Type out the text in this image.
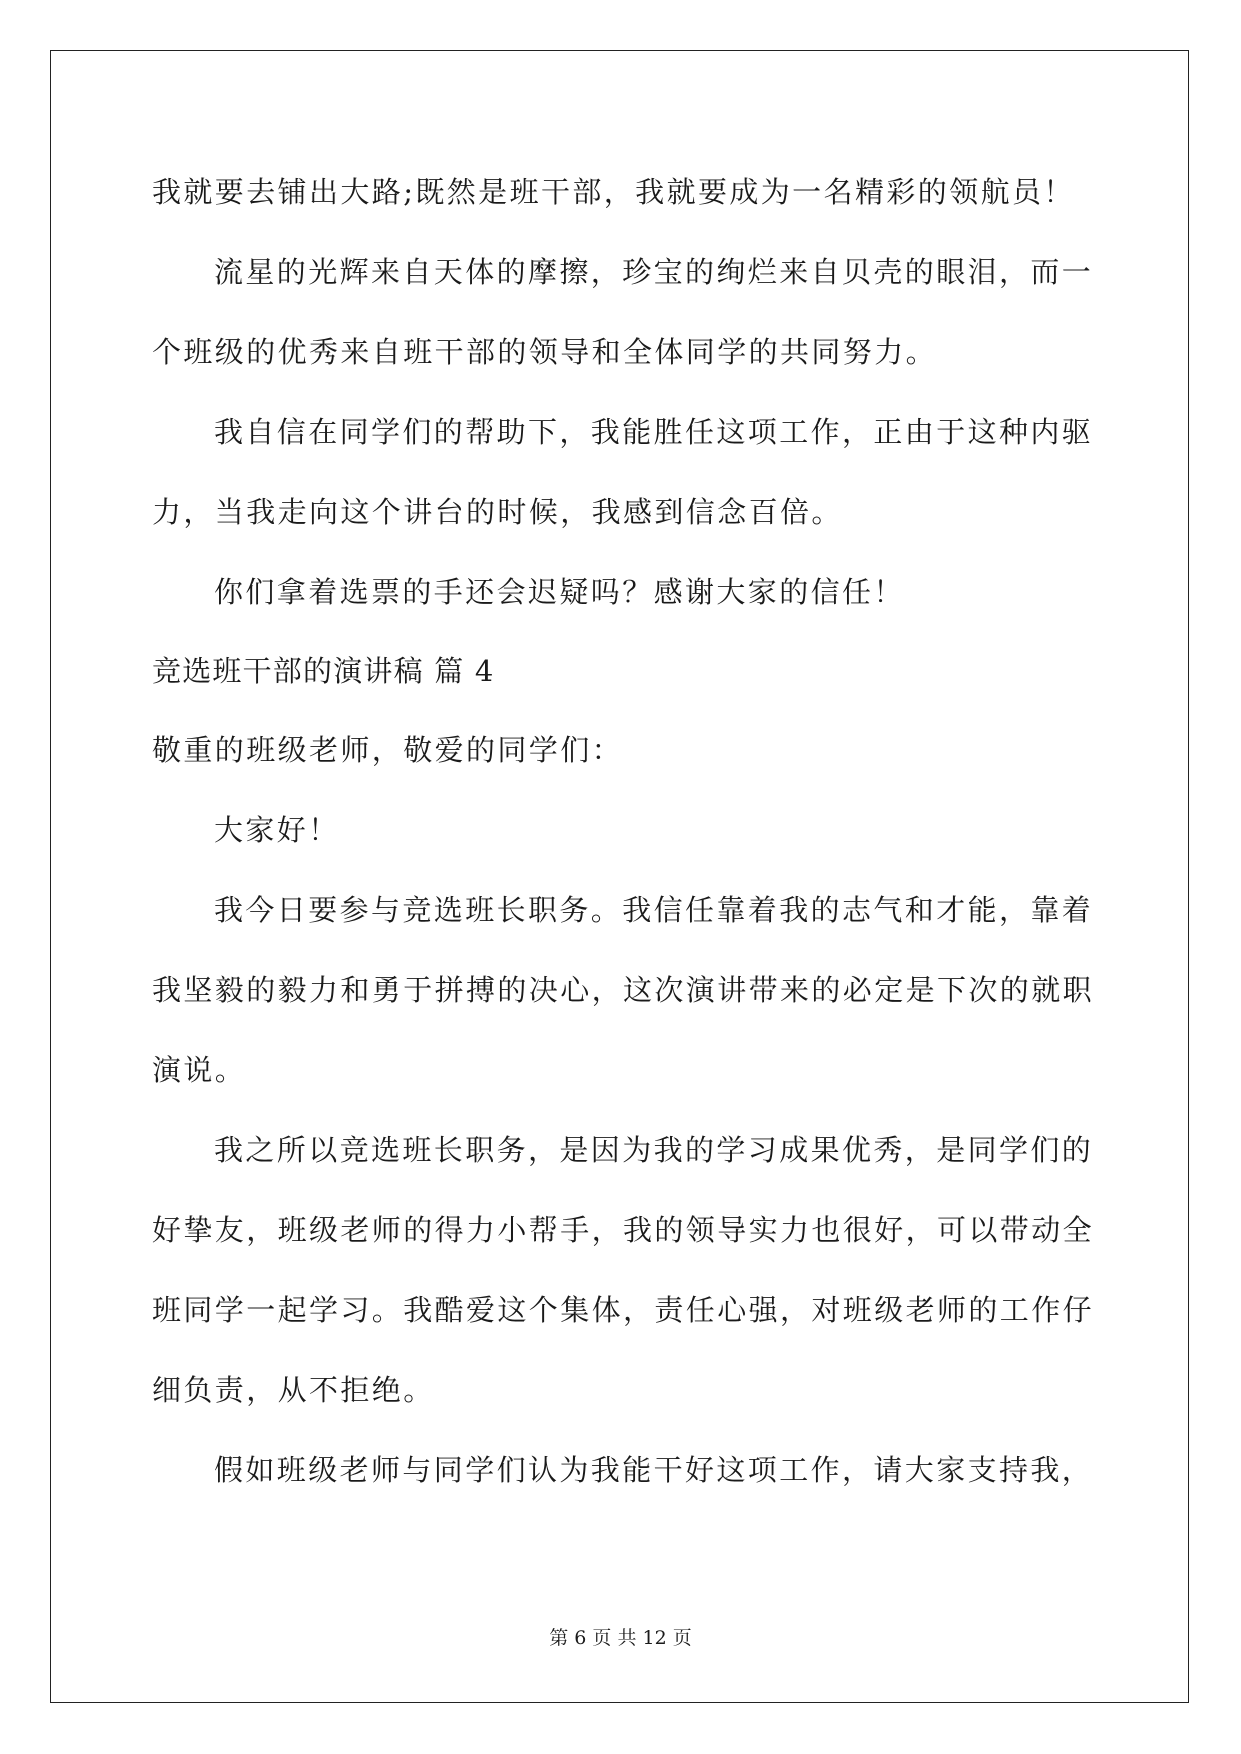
我就要去铺出大路;既然是班干部，我就要成为一名精彩的领航员！
流星的光辉来自天体的摩擦，珍宝的绚烂来自贝壳的眼泪，而一
个班级的优秀来自班干部的领导和全体同学的共同努力。
我自信在同学们的帮助下，我能胜任这项工作，正由于这种内驱
力，当我走向这个讲台的时候，我感到信念百倍。
你们拿着选票的手还会迟疑吗？感谢大家的信任！
竞选班干部的演讲稿 篇 4
敬重的班级老师，敬爱的同学们：
大家好！
我今日要参与竞选班长职务。我信任靠着我的志气和才能，靠着
我坚毅的毅力和勇于拼搏的决心，这次演讲带来的必定是下次的就职
演说。
我之所以竞选班长职务，是因为我的学习成果优秀，是同学们的
好挚友，班级老师的得力小帮手，我的领导实力也很好，可以带动全
班同学一起学习。我酷爱这个集体，责任心强，对班级老师的工作仔
细负责，从不拒绝。
假如班级老师与同学们认为我能干好这项工作，请大家支持我，
第 6 页 共 12 页
